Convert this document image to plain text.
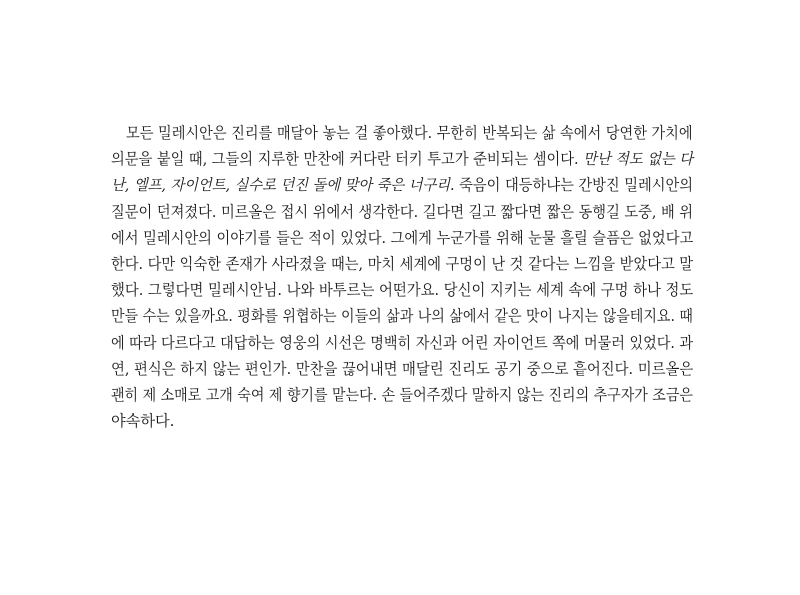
모든 밀레시안은 진리를 매달아 놓는 걸 좋아했다. 무한히 반복되는 삶 속에서 당연한 가치에
의문을 붙일 때, 그들의 지루한 만찬에 커다란 터키 투고가 준비되는 셈이다. 만난 적도 없는 다
난, 엘프, 자이언트, 실수로 던진 돌에 맞아 죽은 너구리. 죽음이 대등하냐는 간방진 밀레시안의
질문이 던져졌다. 미르올은 접시 위에서 생각한다. 길다면 길고 짧다면 짧은 동행길 도중, 배 위
에서 밀레시안의 이야기를 들은 적이 있었다. 그에게 누군가를 위해 눈물 흘릴 슬픔은 없었다고
한다. 다만 익숙한 존재가 사라졌을 때는, 마치 세계에 구멍이 난 것 같다는 느낌을 받았다고 말
했다. 그렇다면 밀레시안님. 나와 바투르는 어떤가요. 당신이 지키는 세계 속에 구멍 하나 정도
만들 수는 있을까요. 평화를 위협하는 이들의 삶과 나의 삶에서 같은 맛이 나지는 않을테지요. 때
에 따라 다르다고 대답하는 영웅의 시선은 명백히 자신과 어린 자이언트 쪽에 머물러 있었다. 과
연, 편식은 하지 않는 편인가. 만찬을 끊어내면 매달린 진리도 공기 중으로 흩어진다. 미르올은
괜히 제 소매로 고개 숙여 제 향기를 맡는다. 손 들어주겠다 말하지 않는 진리의 추구자가 조금은
야속하다.
